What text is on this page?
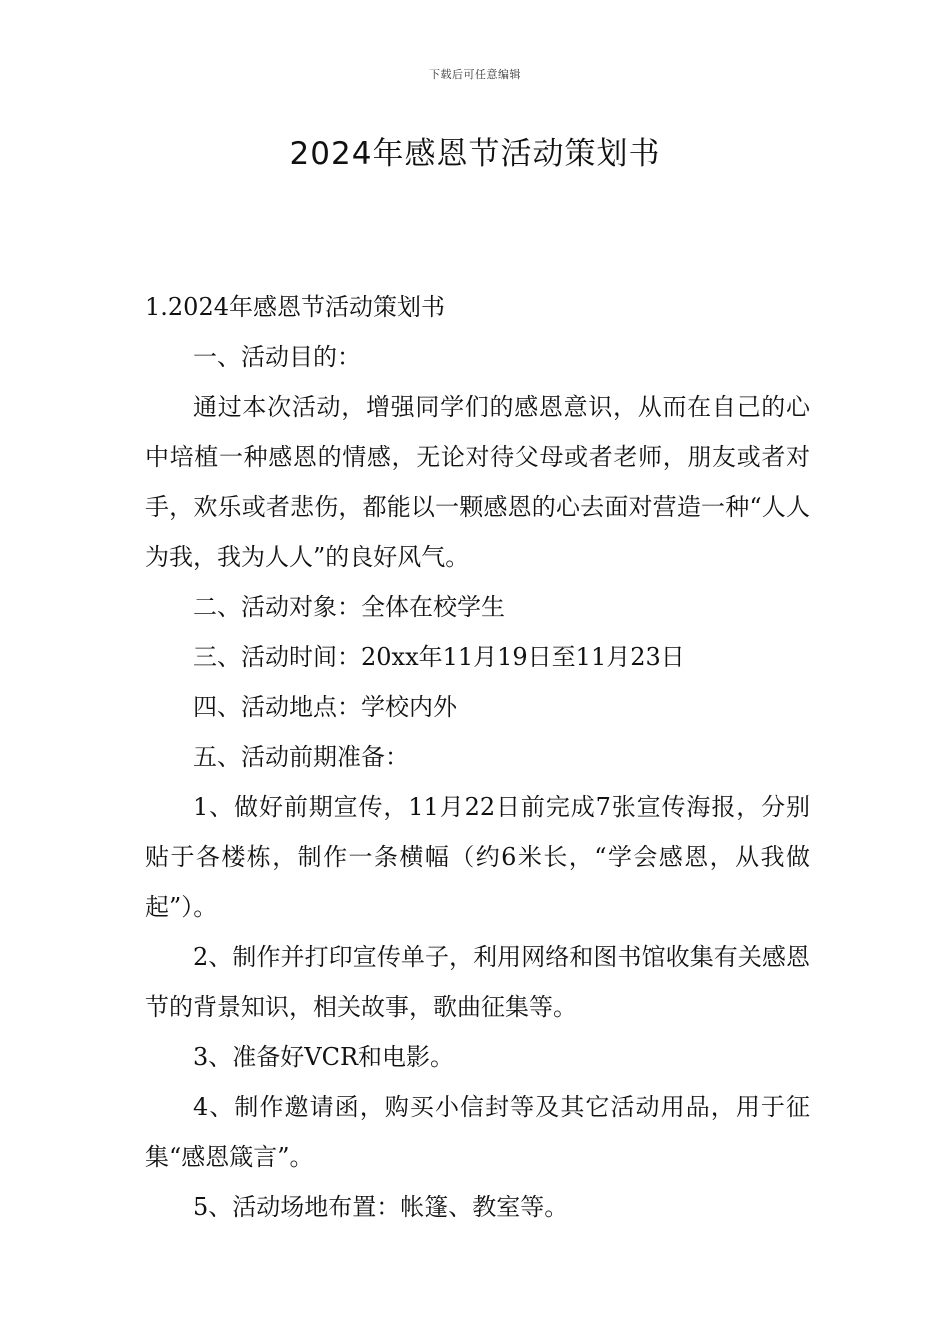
下载后可任意编辑
2024年感恩节活动策划书

1.2024年感恩节活动策划书

一、活动目的：

通过本次活动，增强同学们的感恩意识，从而在自己的心中培植一种感恩的情感，无论对待父母或者老师，朋友或者对手，欢乐或者悲伤，都能以一颗感恩的心去面对营造一种“人人为我，我为人人”的良好风气。

二、活动对象：全体在校学生

三、活动时间：20xx年11月19日至11月23日

四、活动地点：学校内外

五、活动前期准备：

1、做好前期宣传，11月22日前完成7张宣传海报，分别贴于各楼栋，制作一条横幅（约6米长，“学会感恩，从我做起”）。

2、制作并打印宣传单子，利用网络和图书馆收集有关感恩节的背景知识，相关故事，歌曲征集等。

3、准备好VCR和电影。

4、制作邀请函，购买小信封等及其它活动用品，用于征集“感恩箴言”。

5、活动场地布置：帐篷、教室等。
